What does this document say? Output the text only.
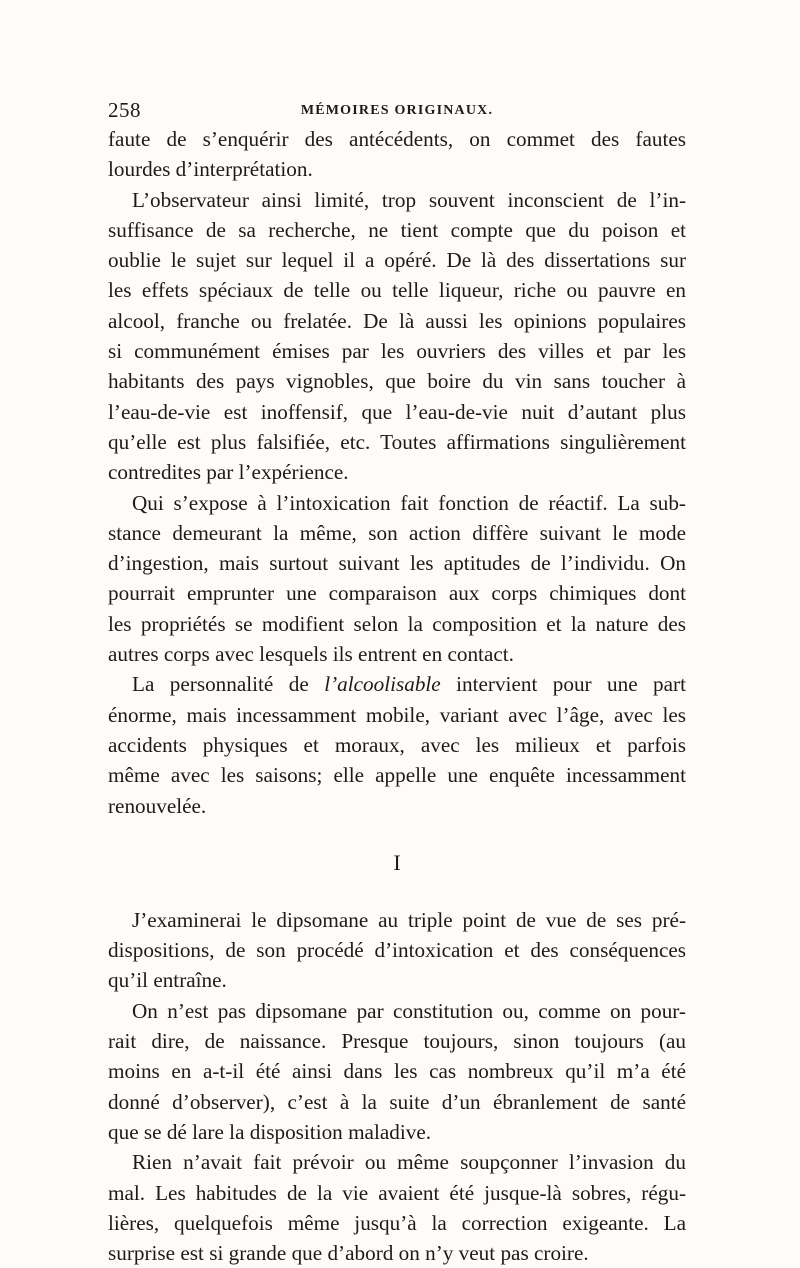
258	MÉMOIRES ORIGINAUX.
faute de s’enquérir des antécédents, on commet des fautes
lourdes d’interprétation.
L’observateur ainsi limité, trop souvent inconscient de l’in-
suffisance de sa recherche, ne tient compte que du poison et
oublie le sujet sur lequel il a opéré. De là des dissertations sur
les effets spéciaux de telle ou telle liqueur, riche ou pauvre en
alcool, franche ou frelatée. De là aussi les opinions populaires
si communément émises par les ouvriers des villes et par les
habitants des pays vignobles, que boire du vin sans toucher à
l’eau-de-vie est inoffensif, que l’eau-de-vie nuit d’autant plus
qu’elle est plus falsifiée, etc. Toutes affirmations singulièrement
contredites par l’expérience.
Qui s’expose à l’intoxication fait fonction de réactif. La sub-
stance demeurant la même, son action diffère suivant le mode
d’ingestion, mais surtout suivant les aptitudes de l’individu. On
pourrait emprunter une comparaison aux corps chimiques dont
les propriétés se modifient selon la composition et la nature des
autres corps avec lesquels ils entrent en contact.
La personnalité de l’alcoolisable intervient pour une part
énorme, mais incessamment mobile, variant avec l’âge, avec les
accidents physiques et moraux, avec les milieux et parfois
même avec les saisons; elle appelle une enquête incessamment
renouvelée.
I
J’examinerai le dipsomane au triple point de vue de ses pré-
dispositions, de son procédé d’intoxication et des conséquences
qu’il entraîne.
On n’est pas dipsomane par constitution ou, comme on pour-
rait dire, de naissance. Presque toujours, sinon toujours (au
moins en a-t-il été ainsi dans les cas nombreux qu’il m’a été
donné d’observer), c’est à la suite d’un ébranlement de santé
que se dé lare la disposition maladive.
Rien n’avait fait prévoir ou même soupçonner l’invasion du
mal. Les habitudes de la vie avaient été jusque-là sobres, régu-
lières, quelquefois même jusqu’à la correction exigeante. La
surprise est si grande que d’abord on n’y veut pas croire.
